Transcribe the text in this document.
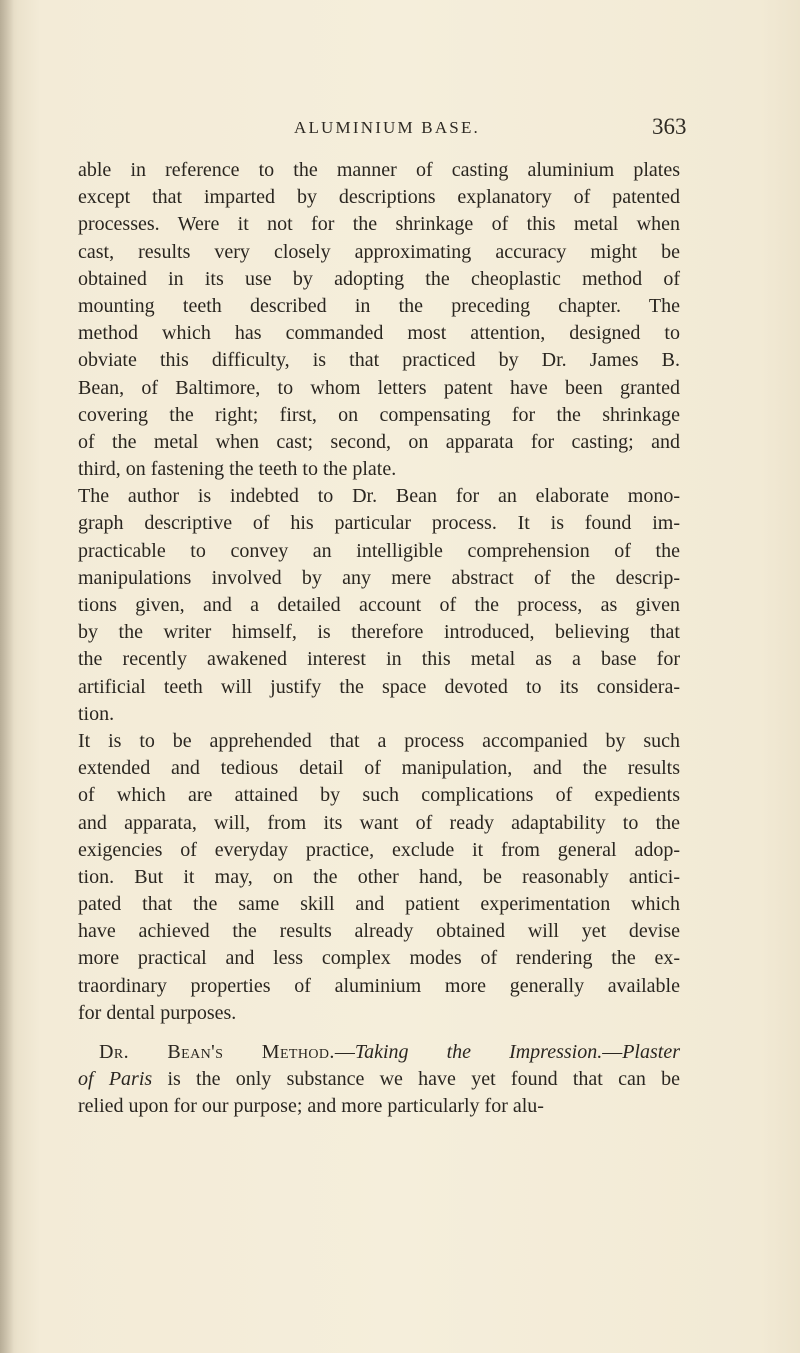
ALUMINIUM BASE.	363
able in reference to the manner of casting aluminium plates
except that imparted by descriptions explanatory of patented
processes. Were it not for the shrinkage of this metal when
cast, results very closely approximating accuracy might be
obtained in its use by adopting the cheoplastic method of
mounting teeth described in the preceding chapter. The
method which has commanded most attention, designed to
obviate this difficulty, is that practiced by Dr. James B.
Bean, of Baltimore, to whom letters patent have been granted
covering the right; first, on compensating for the shrinkage
of the metal when cast; second, on apparata for casting; and
third, on fastening the teeth to the plate.
The author is indebted to Dr. Bean for an elaborate mono-
graph descriptive of his particular process. It is found im-
practicable to convey an intelligible comprehension of the
manipulations involved by any mere abstract of the descrip-
tions given, and a detailed account of the process, as given
by the writer himself, is therefore introduced, believing that
the recently awakened interest in this metal as a base for
artificial teeth will justify the space devoted to its considera-
tion.
It is to be apprehended that a process accompanied by such
extended and tedious detail of manipulation, and the results
of which are attained by such complications of expedients
and apparata, will, from its want of ready adaptability to the
exigencies of everyday practice, exclude it from general adop-
tion. But it may, on the other hand, be reasonably antici-
pated that the same skill and patient experimentation which
have achieved the results already obtained will yet devise
more practical and less complex modes of rendering the ex-
traordinary properties of aluminium more generally available
for dental purposes.
Dr. Bean's Method.—Taking the Impression.—Plaster
of Paris is the only substance we have yet found that can be
relied upon for our purpose; and more particularly for alu-
